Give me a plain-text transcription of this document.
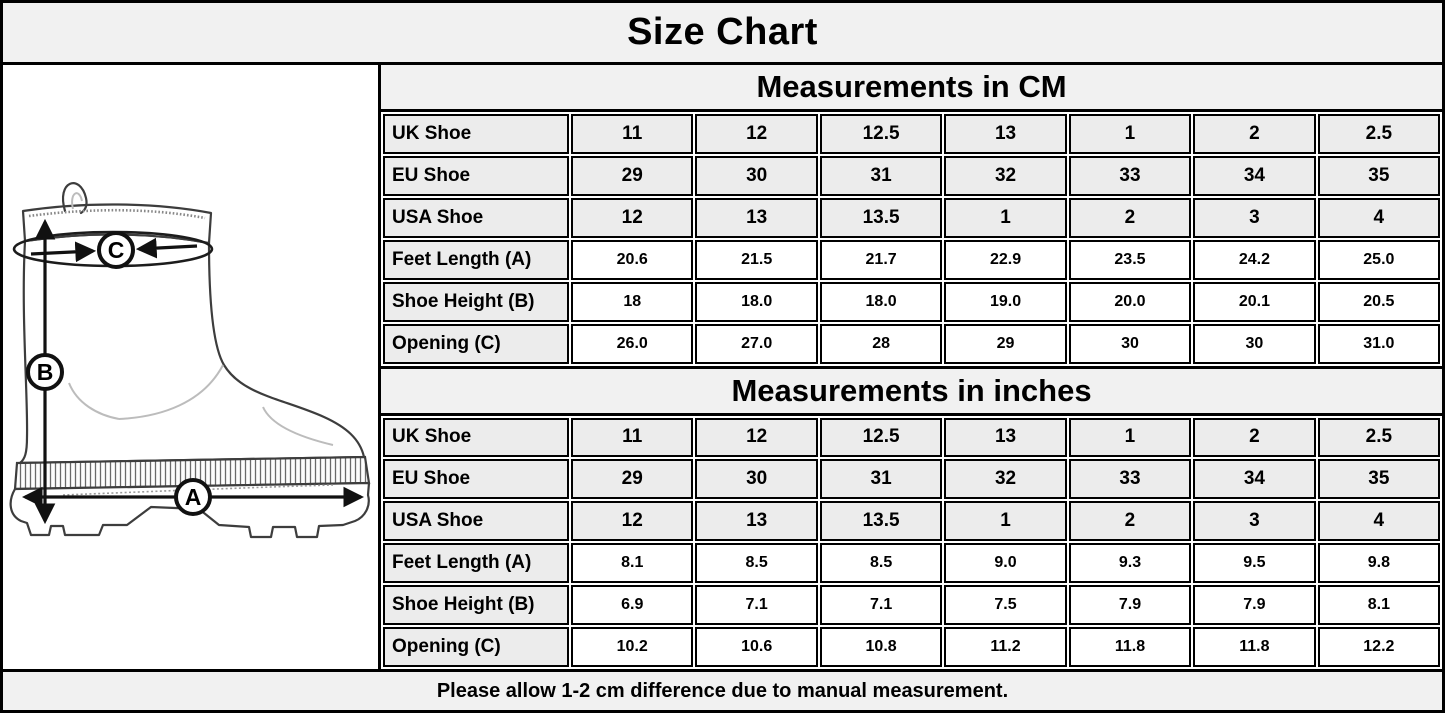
Size Chart
C
B
A
Measurements in CM
UK Shoe	11	12	12.5	13	1	2	2.5
EU Shoe	29	30	31	32	33	34	35
USA Shoe	12	13	13.5	1	2	3	4
Feet Length (A)	20.6	21.5	21.7	22.9	23.5	24.2	25.0
Shoe Height (B)	18	18.0	18.0	19.0	20.0	20.1	20.5
Opening (C)	26.0	27.0	28	29	30	30	31.0
Measurements in inches
UK Shoe	11	12	12.5	13	1	2	2.5
EU Shoe	29	30	31	32	33	34	35
USA Shoe	12	13	13.5	1	2	3	4
Feet Length (A)	8.1	8.5	8.5	9.0	9.3	9.5	9.8
Shoe Height (B)	6.9	7.1	7.1	7.5	7.9	7.9	8.1
Opening (C)	10.2	10.6	10.8	11.2	11.8	11.8	12.2
Please allow 1-2 cm difference due to manual measurement.
